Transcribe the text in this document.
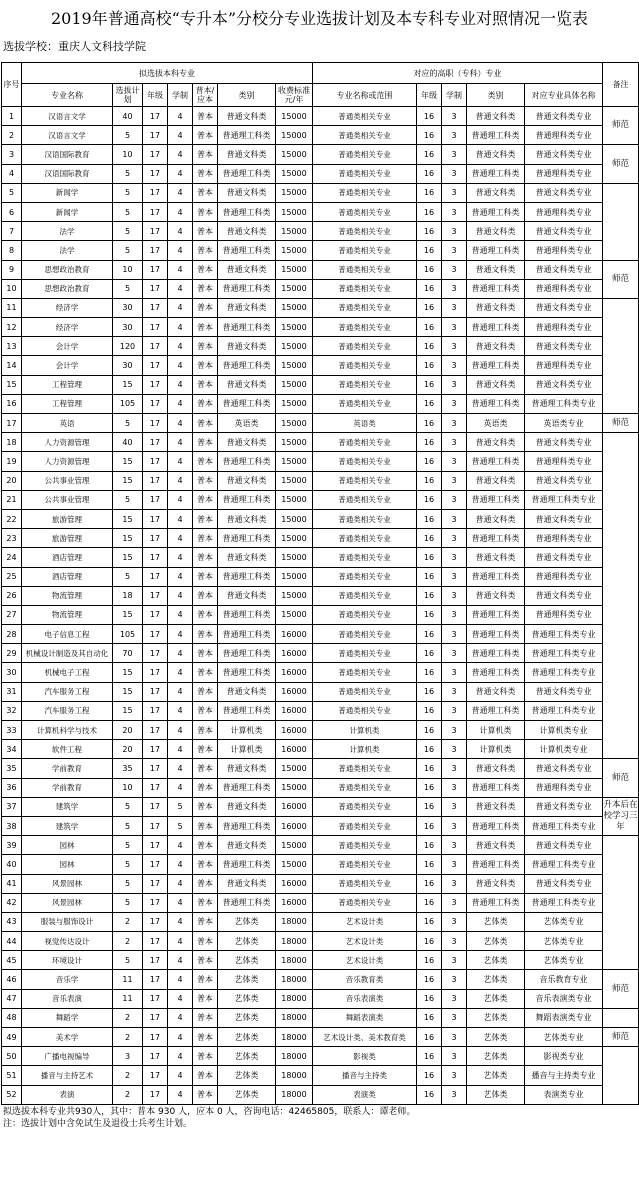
2019年普通高校“专升本”分校分专业选拔计划及本专科专业对照情况一览表
选拔学校：重庆人文科技学院
序号	拟选拔本科专业							对应的高职（专科）专业					备注
	专业名称	选拔计划	年级	学制	普本/应本	类别	收费标准元/年	专业名称或范围	年级	学制	类别	对应专业具体名称	
1	汉语言文学	40	17	4	普本	普通文科类	15000	普通类相关专业	16	3	普通文科类	普通文科类专业	师范
2	汉语言文学	5	17	4	普本	普通理工科类	15000	普通类相关专业	16	3	普通理工科类	普通理科类专业	
3	汉语国际教育	10	17	4	普本	普通文科类	15000	普通类相关专业	16	3	普通文科类	普通文科类专业	师范
4	汉语国际教育	5	17	4	普本	普通理工科类	15000	普通类相关专业	16	3	普通理工科类	普通理科类专业	
5	新闻学	5	17	4	普本	普通文科类	15000	普通类相关专业	16	3	普通文科类	普通文科类专业	
6	新闻学	5	17	4	普本	普通理工科类	15000	普通类相关专业	16	3	普通理工科类	普通理科类专业	
7	法学	5	17	4	普本	普通文科类	15000	普通类相关专业	16	3	普通文科类	普通文科类专业	
8	法学	5	17	4	普本	普通理工科类	15000	普通类相关专业	16	3	普通理工科类	普通理科类专业	
9	思想政治教育	10	17	4	普本	普通文科类	15000	普通类相关专业	16	3	普通文科类	普通文科类专业	师范
10	思想政治教育	5	17	4	普本	普通理工科类	15000	普通类相关专业	16	3	普通理工科类	普通理科类专业	
11	经济学	30	17	4	普本	普通文科类	15000	普通类相关专业	16	3	普通文科类	普通文科类专业	
12	经济学	30	17	4	普本	普通理工科类	15000	普通类相关专业	16	3	普通理工科类	普通理科类专业	
13	会计学	120	17	4	普本	普通文科类	15000	普通类相关专业	16	3	普通文科类	普通文科类专业	
14	会计学	30	17	4	普本	普通理工科类	15000	普通类相关专业	16	3	普通理工科类	普通理科类专业	
15	工程管理	15	17	4	普本	普通文科类	15000	普通类相关专业	16	3	普通文科类	普通文科类专业	
16	工程管理	105	17	4	普本	普通理工科类	15000	普通类相关专业	16	3	普通理工科类	普通理工科类专业	
17	英语	5	17	4	普本	英语类	15000	英语类	16	3	英语类	英语类专业	师范
18	人力资源管理	40	17	4	普本	普通文科类	15000	普通类相关专业	16	3	普通文科类	普通文科类专业	
19	人力资源管理	15	17	4	普本	普通理工科类	15000	普通类相关专业	16	3	普通理工科类	普通理科类专业	
20	公共事业管理	15	17	4	普本	普通文科类	15000	普通类相关专业	16	3	普通文科类	普通文科类专业	
21	公共事业管理	5	17	4	普本	普通理工科类	15000	普通类相关专业	16	3	普通理工科类	普通理工科类专业	
22	旅游管理	15	17	4	普本	普通文科类	15000	普通类相关专业	16	3	普通文科类	普通文科类专业	
23	旅游管理	15	17	4	普本	普通理工科类	15000	普通类相关专业	16	3	普通理工科类	普通理科类专业	
24	酒店管理	15	17	4	普本	普通文科类	15000	普通类相关专业	16	3	普通文科类	普通文科类专业	
25	酒店管理	5	17	4	普本	普通理工科类	15000	普通类相关专业	16	3	普通理工科类	普通理科类专业	
26	物流管理	18	17	4	普本	普通文科类	15000	普通类相关专业	16	3	普通文科类	普通文科类专业	
27	物流管理	15	17	4	普本	普通理工科类	15000	普通类相关专业	16	3	普通理工科类	普通理科类专业	
28	电子信息工程	105	17	4	普本	普通理工科类	16000	普通类相关专业	16	3	普通理工科类	普通理工科类专业	
29	机械设计制造及其自动化	70	17	4	普本	普通理工科类	16000	普通类相关专业	16	3	普通理工科类	普通理工科类专业	
30	机械电子工程	15	17	4	普本	普通理工科类	16000	普通类相关专业	16	3	普通理工科类	普通理工科类专业	
31	汽车服务工程	15	17	4	普本	普通文科类	16000	普通类相关专业	16	3	普通文科类	普通文科类专业	
32	汽车服务工程	15	17	4	普本	普通理工科类	16000	普通类相关专业	16	3	普通理工科类	普通理工科类专业	
33	计算机科学与技术	20	17	4	普本	计算机类	16000	计算机类	16	3	计算机类	计算机类专业	
34	软件工程	20	17	4	普本	计算机类	16000	计算机类	16	3	计算机类	计算机类专业	
35	学前教育	35	17	4	普本	普通文科类	15000	普通类相关专业	16	3	普通文科类	普通文科类专业	师范
36	学前教育	10	17	4	普本	普通理工科类	15000	普通类相关专业	16	3	普通理工科类	普通理科类专业	
37	建筑学	5	17	5	普本	普通文科类	16000	普通类相关专业	16	3	普通文科类	普通文科类专业	升本后在校学习三年
38	建筑学	5	17	5	普本	普通理工科类	16000	普通类相关专业	16	3	普通理工科类	普通理工科类专业	
39	园林	5	17	4	普本	普通文科类	15000	普通类相关专业	16	3	普通文科类	普通文科类专业	
40	园林	5	17	4	普本	普通理工科类	15000	普通类相关专业	16	3	普通理工科类	普通理工科类专业	
41	风景园林	5	17	4	普本	普通文科类	16000	普通类相关专业	16	3	普通文科类	普通文科类专业	
42	风景园林	5	17	4	普本	普通理工科类	16000	普通类相关专业	16	3	普通理工科类	普通理工科类专业	
43	服装与服饰设计	2	17	4	普本	艺体类	18000	艺术设计类	16	3	艺体类	艺体类专业	
44	视觉传达设计	2	17	4	普本	艺体类	18000	艺术设计类	16	3	艺体类	艺体类专业	
45	环境设计	5	17	4	普本	艺体类	18000	艺术设计类	16	3	艺体类	艺体类专业	
46	音乐学	11	17	4	普本	艺体类	18000	音乐教育类	16	3	艺体类	音乐教育专业	师范
47	音乐表演	11	17	4	普本	艺体类	18000	音乐表演类	16	3	艺体类	音乐表演类专业	
48	舞蹈学	2	17	4	普本	艺体类	18000	舞蹈表演类	16	3	艺体类	舞蹈表演类专业	
49	美术学	2	17	4	普本	艺体类	18000	艺术设计类、美术教育类	16	3	艺体类	艺体类专业	师范
50	广播电视编导	3	17	4	普本	艺体类	18000	影视类	16	3	艺体类	影视类专业	
51	播音与主持艺术	2	17	4	普本	艺体类	18000	播音与主持类	16	3	艺体类	播音与主持类专业	
52	表演	2	17	4	普本	艺体类	18000	表演类	16	3	艺体类	表演类专业	
拟选拔本科专业共930人，其中：普本 930 人，应本 0 人，咨询电话：42465805，联系人：谭老师。
注：选拔计划中含免试生及退役士兵考生计划。
